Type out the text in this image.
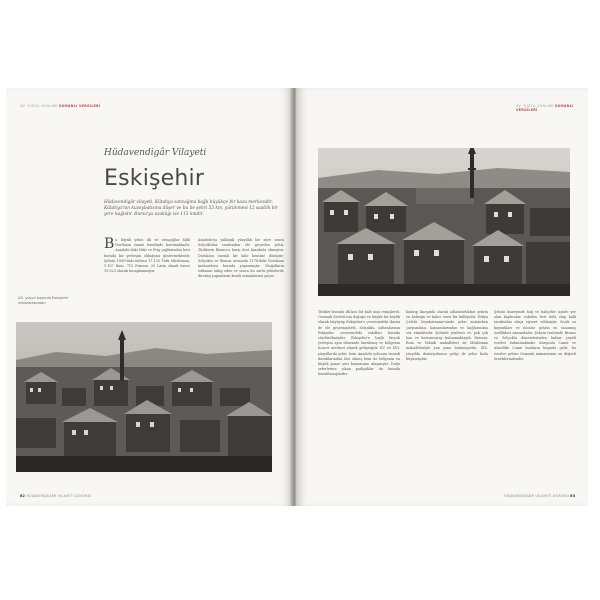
XV. YÜZYIL SONLARI OSMANLI VERGİLERİ
Hüdavendigâr Vilayeti
Eskişehir
Hüdavendigâr vilayeti, Kütahya sancağına bağlı büyükçe bir kaza merkezidir. Kütahya'nın kuzeybatısına düşer ve bu ile şehri 55 km, yürünmesi 12 saatlik bir yere bağlıdır. Bursa'ya uzaklığı ise 115 kmdir.
B u büyük şehir, ilk ve ortaçağlar hâlâ Dorilaion ismini kendinde korumaktadır. Anadolu'daki Hitit ve Frig çağlarından beri burada bir yerleşim olduğunu göstermektedir. Şehrin 1890'daki nüfusu 17.135 Türk Müslüman, 1.107 Rum, 715 Ermeni, 30 Latin olmak üzere 19.023 olarak hesaplanmıştır.
Anadolu'ya yaklaşık yüzyıllık bir süre sonra Selçuklular tarafından ele geçirilen şehir, Türklerin Bizans'a karşı ileri karakolu olmuştur. Dorilaion önemli bir kale kentine dönüşür; Selçuklu ve Bizans arasında 1176'daki Dorilaion muharebesi burada yaşanmıştır. Moğolların istilasını takip eden ve sonra bu surlu şehirlerde direnişi yapanların kendi zamanlarına geçer.
XX. yüzyıl başında Eskişehir manzarasından
62 HÜDAVENDİGÂR VİLAYETİ DOSYASI
XV. YÜZYIL SONLARI OSMANLI VERGİLERİ
Türkler burada ilk kez bir kale inşa etmişlerdi. Osmanlı Devleti'nin doğuşu ve büyük bir beylik olarak büyüyüp Eskişehir'e çevresindeki ikisini de ele geçirmişlerdi. Selçuklu, sultanlarının Eskişehir çevresindeki vakıfları burada sürdürülmüştür. Eskişehir'e bağlı birçok yerleşim aynı dönemde kurulmuş ve bölgenin ticaret merkezi olarak gelişmiştir. XV. ve XVI. yüzyıllarda şehir, hem Anadolu yolunun önemli duraklarından biri olmuş hem de bölgenin en büyük pazar yeri konumuna ulaşmıştır. Doğu seferlerine çıkan padişahlar da burada konaklamışlardır.
kalarıp Kurşunlu olarak adlandırdıkları şehrin en belirgin ve kalıcı eseri bir külliyedir. Evliya Çelebi Seyahatname'sinde şehri anlatırken çarşısından, hamamlarından ve bağlarından söz etmektedir. Şehirde yüzlerce ev, pek çok han ve kervansaray bulunmaktaydı. Ermeni, Rum ve Yahudi mahalleleri de Müslüman mahalleleriyle yan yana bulunuyordu. XIX. yüzyılda demiryolunun gelişi ile şehir hızla büyümüştür.
Şehrin kuzeyinde bağ ve bahçeler içinde yer alan kaplıcalar, eskiden beri ünlü olup halk tarafından sıkça ziyaret edilmiştir. Sıcak su kaynakları ve ılıcalar şehrin en tanınmış özellikleri arasındadır. Şehrin tarihinde Bizans ve Selçuklu dönemlerinden kalma çeşitli eserler bulunmaktadır. Kurşunlu Camii ve Alaeddin Camii bunların başında gelir; bu eserler şehrin Osmanlı mimarisinin en değerli örneklerindendir.
HÜDAVENDİGÂR VİLAYETİ DOSYASI 63
